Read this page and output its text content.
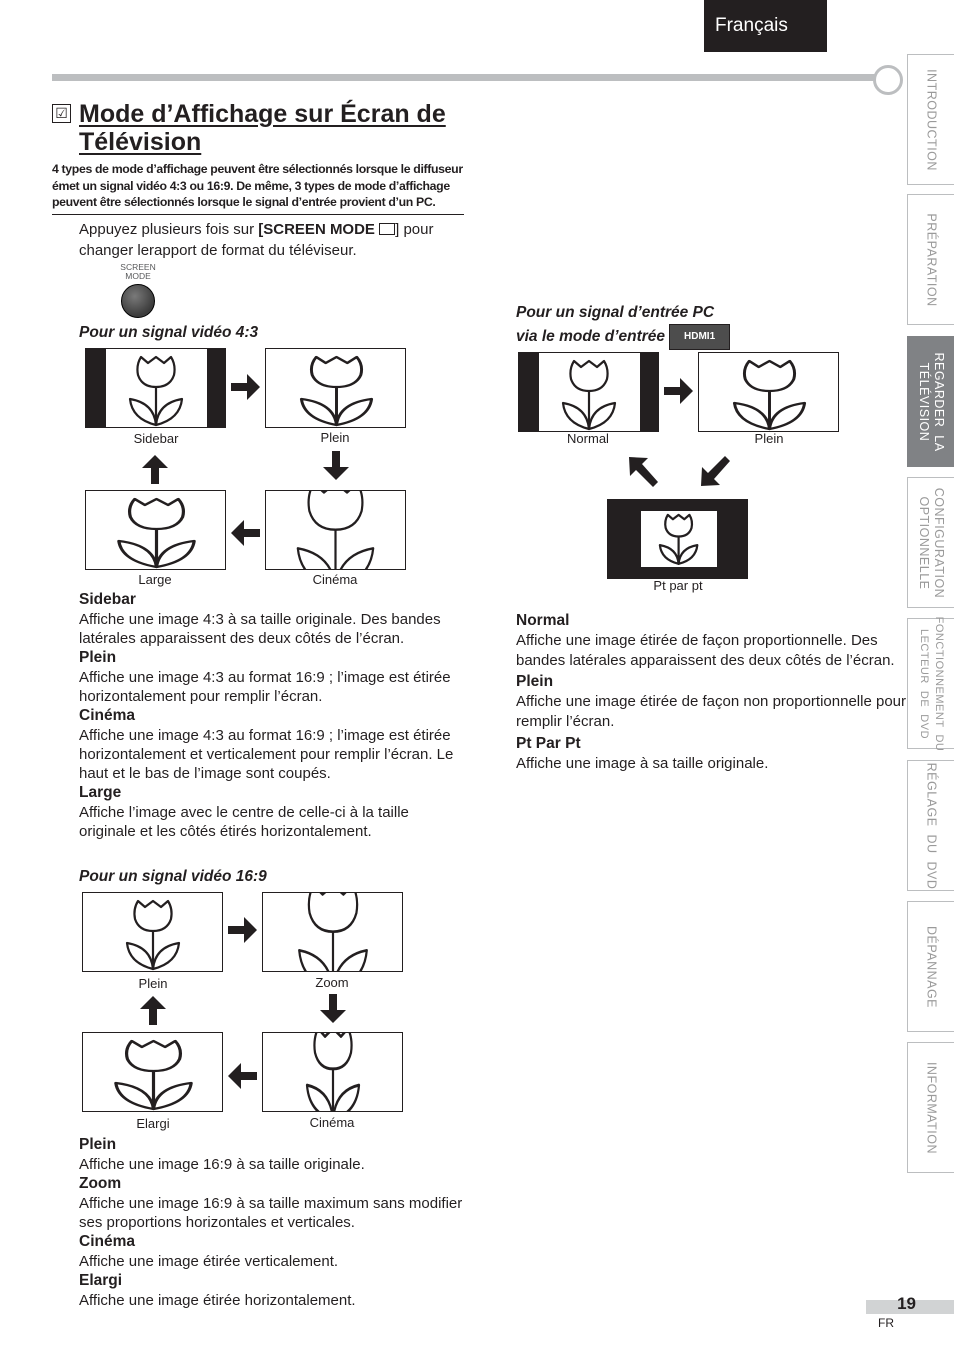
Français
☑ Mode d’Affichage sur Écran de Télévision
4 types de mode d’affichage peuvent être sélectionnés lorsque le diffuseur émet un signal vidéo 4:3 ou 16:9. De même, 3 types de mode d’affichage peuvent être sélectionnés lorsque le signal d’entrée provient d’un PC.
Appuyez plusieurs fois sur [SCREEN MODE ] pour changer lerapport de format du téléviseur.
SCREEN
MODE
Pour un signal vidéo 4:3
Sidebar	Plein
Large	Cinéma
Sidebar
Affiche une image 4:3 à sa taille originale. Des bandes latérales apparaissent des deux côtés de l’écran.
Plein
Affiche une image 4:3 au format 16:9 ; l’image est étirée horizontalement pour remplir l’écran.
Cinéma
Affiche une image 4:3 au format 16:9 ; l’image est étirée horizontalement et verticalement pour remplir l’écran. Le haut et le bas de l’image sont coupés.
Large
Affiche l’image avec le centre de celle-ci à la taille originale et les côtés étirés horizontalement.
Pour un signal vidéo 16:9
Plein	Zoom
Elargi	Cinéma
Plein
Affiche une image 16:9 à sa taille originale.
Zoom
Affiche une image 16:9 à sa taille maximum sans modifier ses proportions horizontales et verticales.
Cinéma
Affiche une image étirée verticalement.
Elargi
Affiche une image étirée horizontalement.
Pour un signal d’entrée PC
via le mode d’entrée HDMI1
Normal	Plein
Pt par pt
Normal
Affiche une image étirée de façon proportionnelle. Des bandes latérales apparaissent des deux côtés de l’écran.
Plein
Affiche une image étirée de façon non proportionnelle pour remplir l’écran.
Pt Par Pt
Affiche une image à sa taille originale.
INTRODUCTION
PRÉPARATION
REGARDER  LA
TÉLÉVISION
CONFIGURATION
OPTIONNELLE
FONCTIONNEMENT  DU
LECTEUR  DE  DVD
RÉGLAGE  DU  DVD
DÉPANNAGE
INFORMATION
19
FR
